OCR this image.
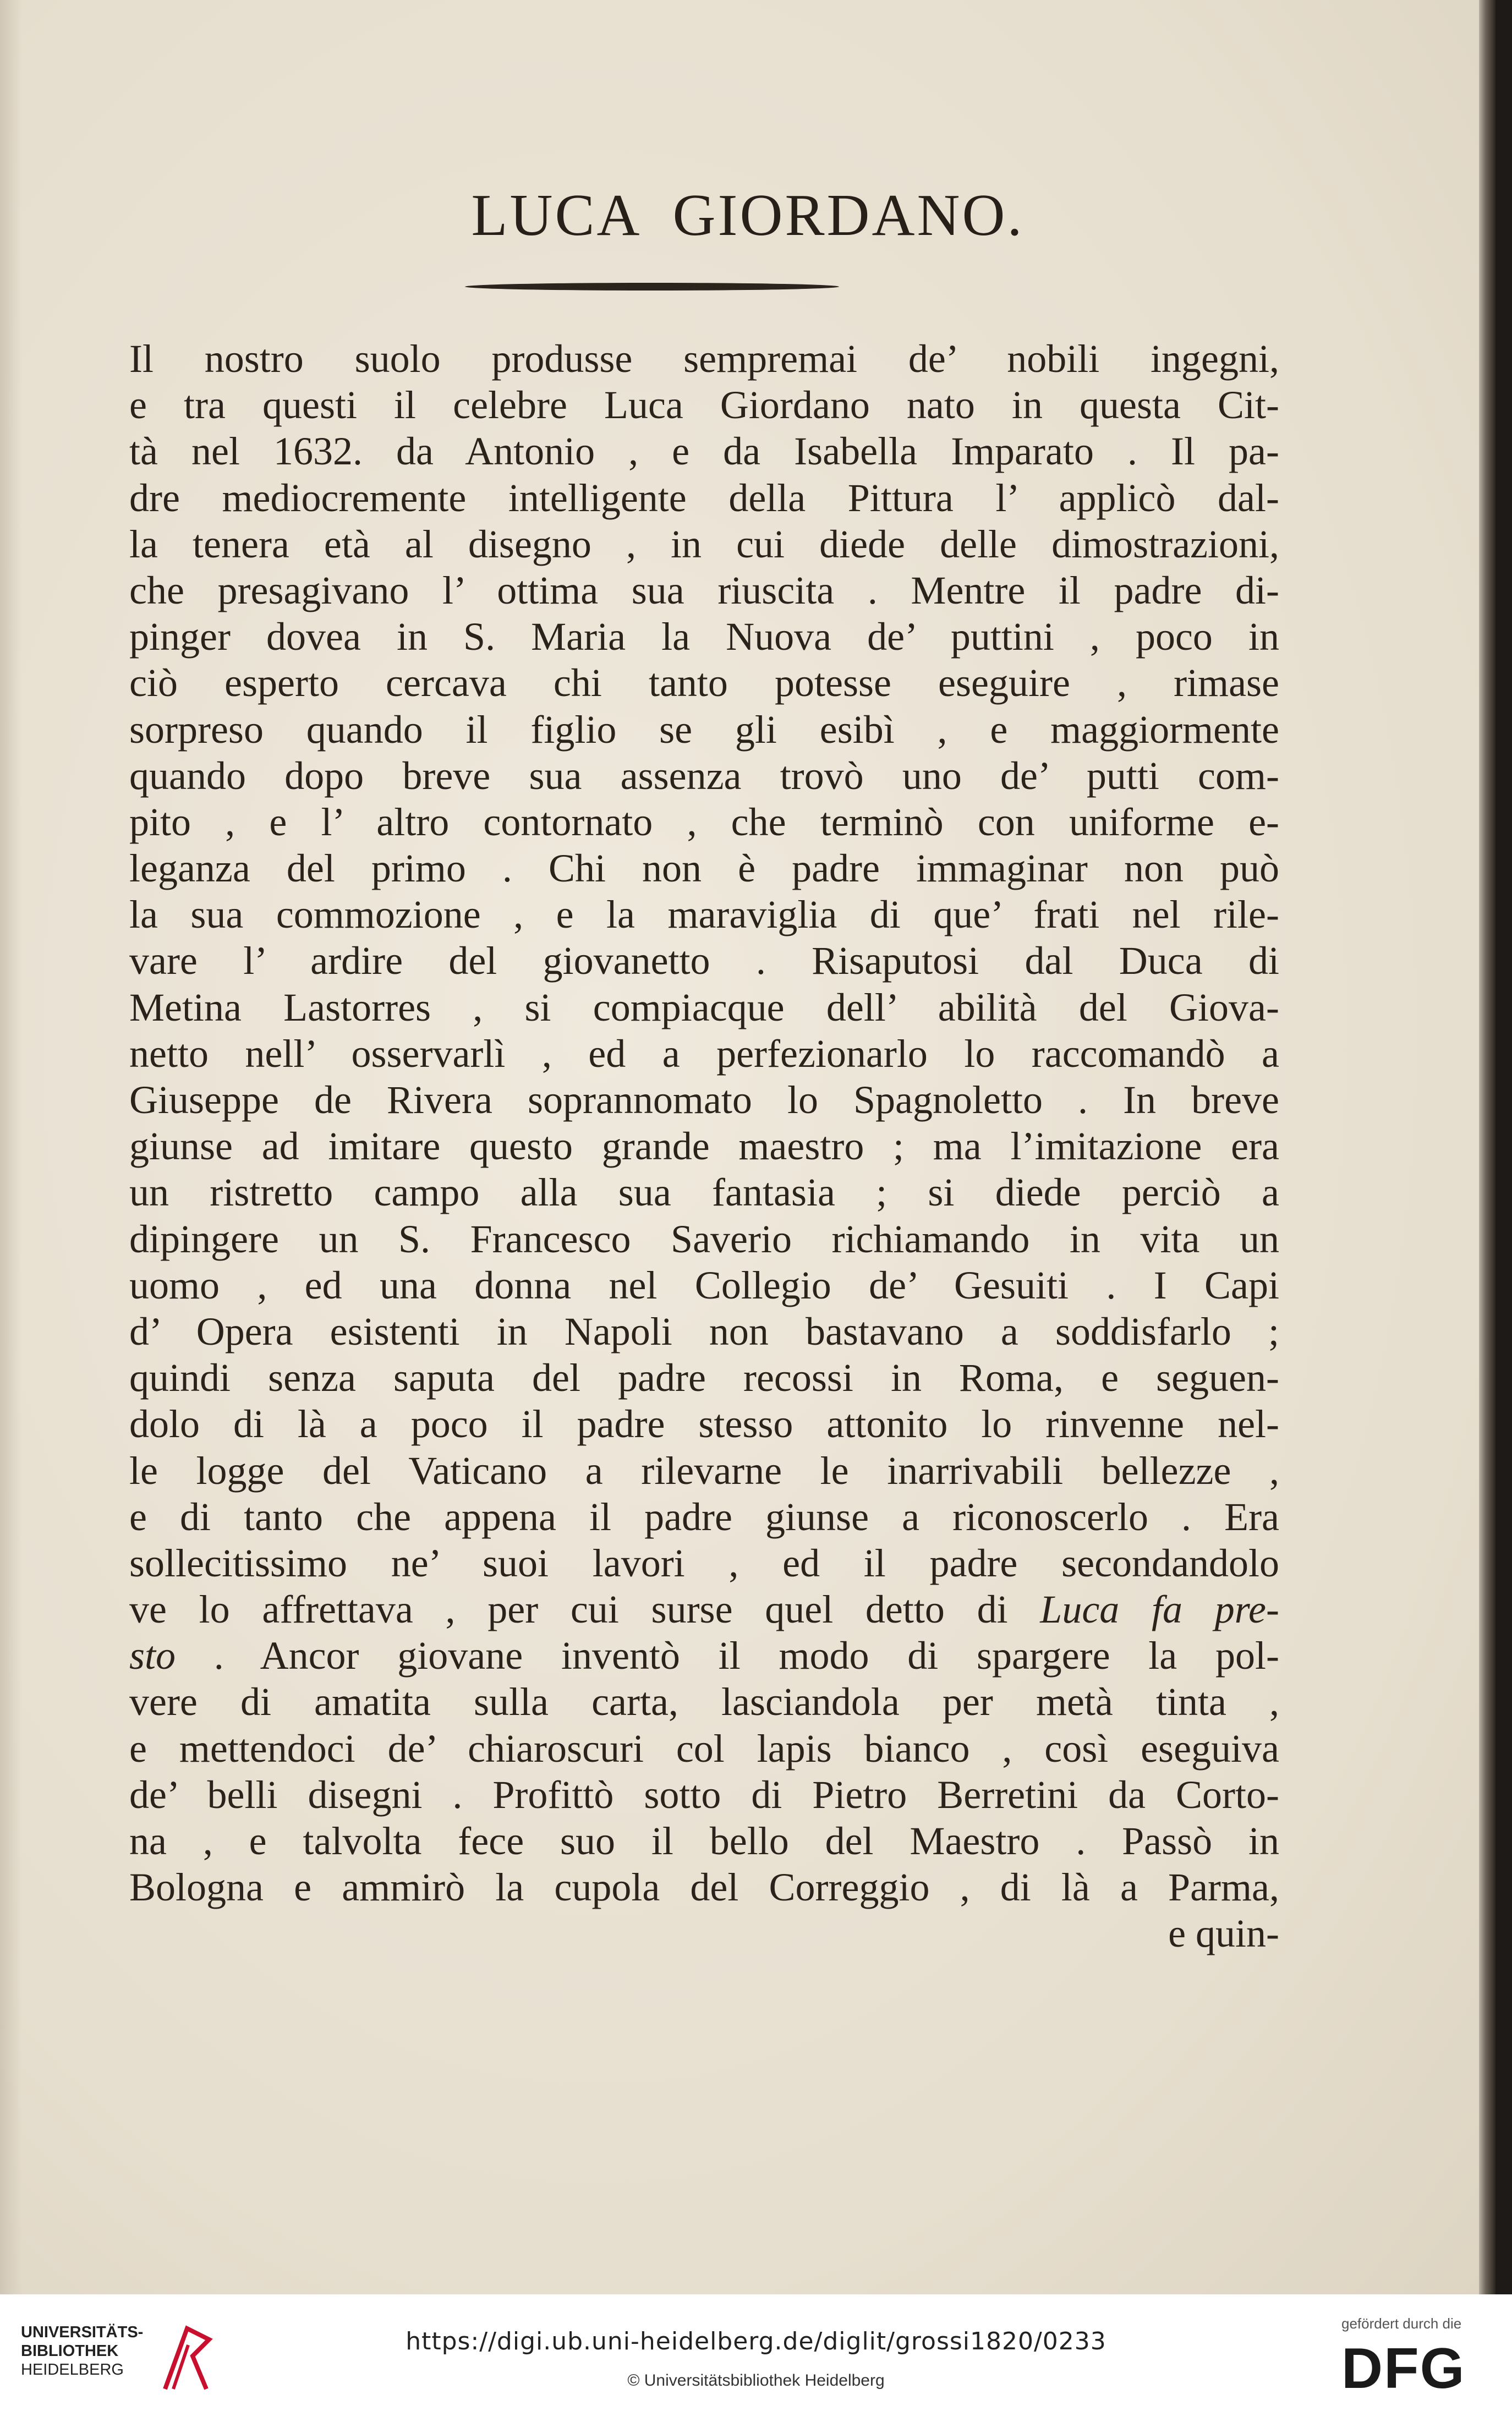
LUCA  GIORDANO.
Il nostro suolo produsse sempremai de’ nobili ingegni,
e tra questi il celebre Luca Giordano nato in questa Cit-
tà nel 1632. da Antonio , e da Isabella Imparato . Il pa-
dre mediocremente intelligente della Pittura l’ applicò dal-
la tenera età al disegno , in cui diede delle dimostrazioni,
che presagivano l’ ottima sua riuscita . Mentre il padre di-
pinger dovea in S. Maria la Nuova de’ puttini , poco in
ciò esperto cercava chi tanto potesse eseguire , rimase
sorpreso quando il figlio se gli esibì , e maggiormente
quando dopo breve sua assenza trovò uno de’ putti com-
pito , e l’ altro contornato , che terminò con uniforme e-
leganza del primo . Chi non è padre immaginar non può
la sua commozione , e la maraviglia di que’ frati nel rile-
vare l’ ardire del giovanetto . Risaputosi dal Duca di
Metina Lastorres , si compiacque dell’ abilità del Giova-
netto nell’ osservarlì , ed a perfezionarlo lo raccomandò a
Giuseppe de Rivera soprannomato lo Spagnoletto . In breve
giunse ad imitare questo grande maestro ; ma l’imitazione era
un ristretto campo alla sua fantasia ; si diede perciò a
dipingere un S. Francesco Saverio richiamando in vita un
uomo , ed una donna nel Collegio de’ Gesuiti . I Capi
d’ Opera esistenti in Napoli non bastavano a soddisfarlo ;
quindi senza saputa del padre recossi in Roma, e seguen-
dolo di là a poco il padre stesso attonito lo rinvenne nel-
le logge del Vaticano a rilevarne le inarrivabili bellezze ,
e di tanto che appena il padre giunse a riconoscerlo . Era
sollecitissimo ne’ suoi lavori , ed il padre secondandolo
ve lo affrettava , per cui surse quel detto di Luca fa pre-
sto . Ancor giovane inventò il modo di spargere la pol-
vere di amatita sulla carta, lasciandola per metà tinta ,
e mettendoci de’ chiaroscuri col lapis bianco , così eseguiva
de’ belli disegni . Profittò sotto di Pietro Berretini da Corto-
na , e talvolta fece suo il bello del Maestro . Passò in
Bologna e ammirò la cupola del Correggio , di là a Parma,
e quin-
UNIVERSITÄTS-
BIBLIOTHEK
HEIDELBERG
https://digi.ub.uni-heidelberg.de/diglit/grossi1820/0233
© Universitätsbibliothek Heidelberg
gefördert durch die
DFG
